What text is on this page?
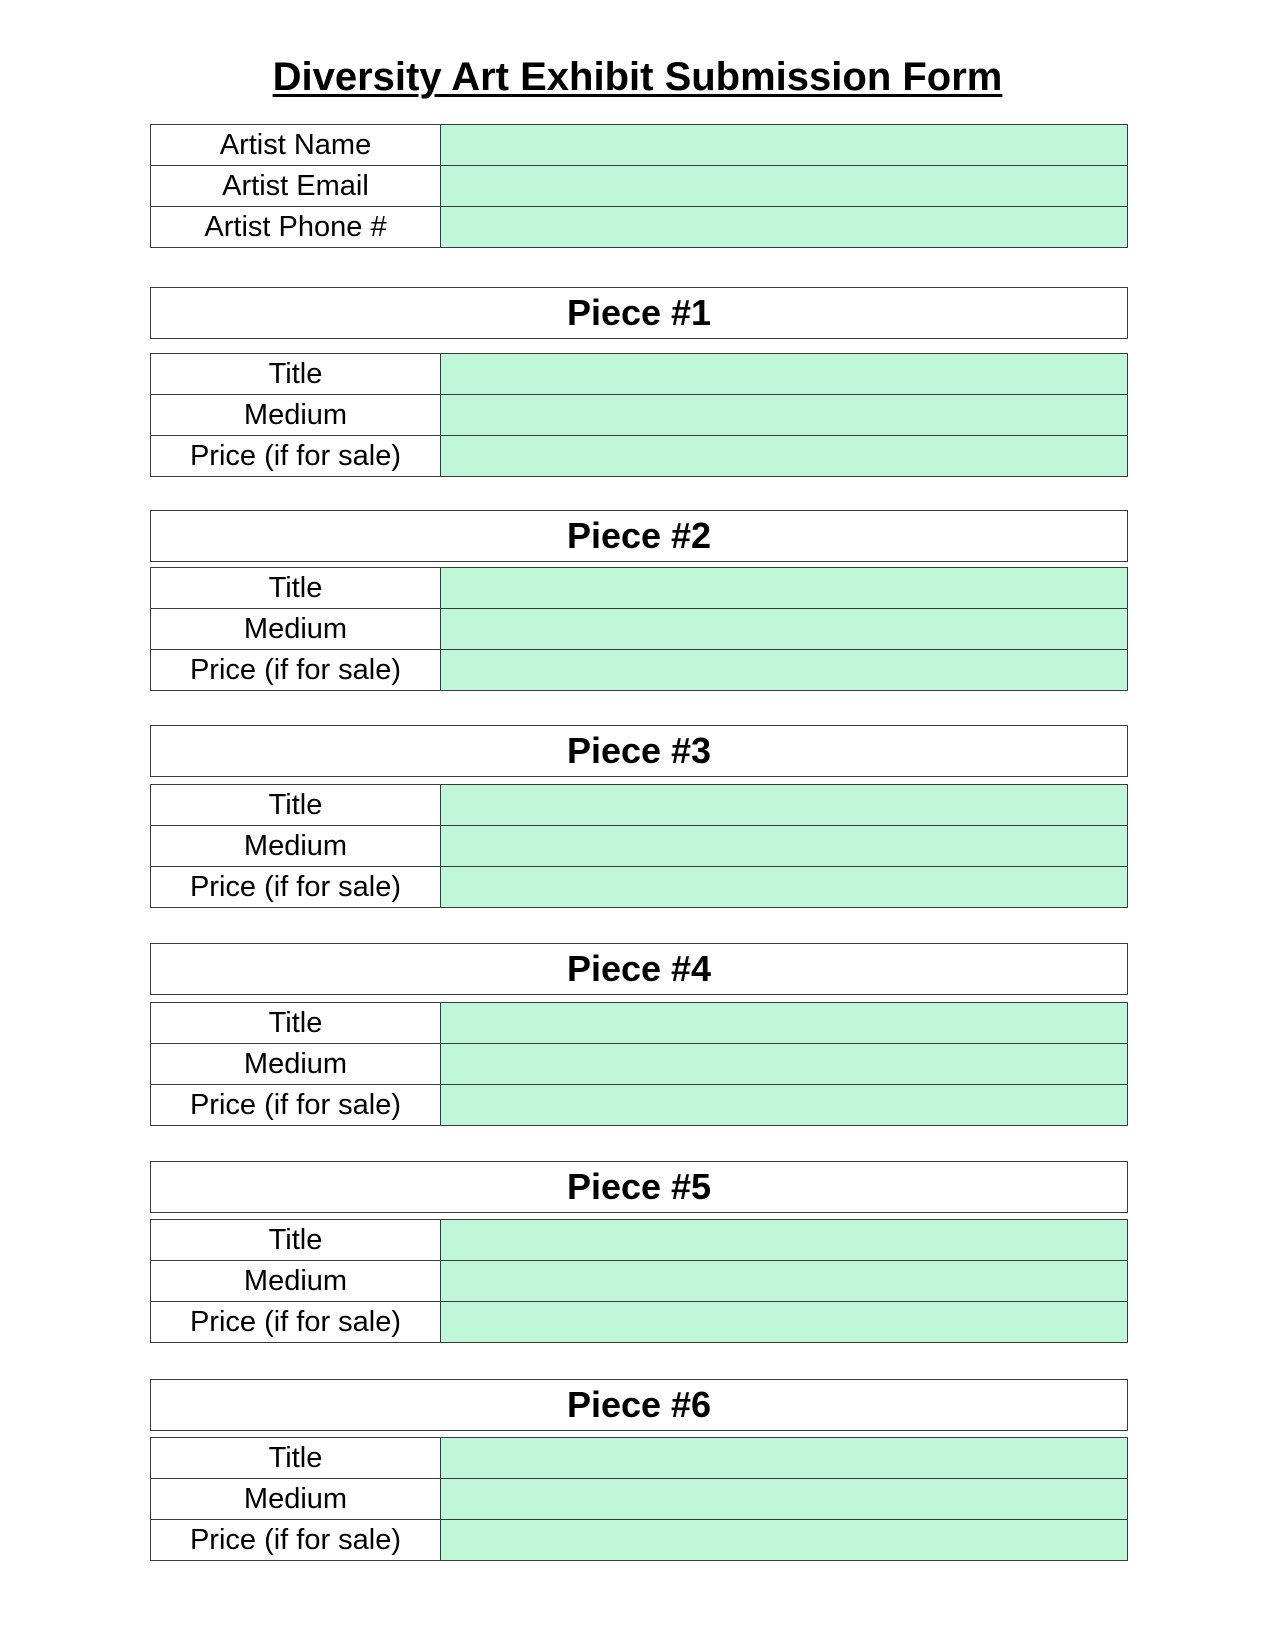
Diversity Art Exhibit Submission Form
Artist Name	
Artist Email	
Artist Phone #	
Piece #1
Title	
Medium	
Price (if for sale)	
Piece #2
Title	
Medium	
Price (if for sale)	
Piece #3
Title	
Medium	
Price (if for sale)	
Piece #4
Title	
Medium	
Price (if for sale)	
Piece #5
Title	
Medium	
Price (if for sale)	
Piece #6
Title	
Medium	
Price (if for sale)	
